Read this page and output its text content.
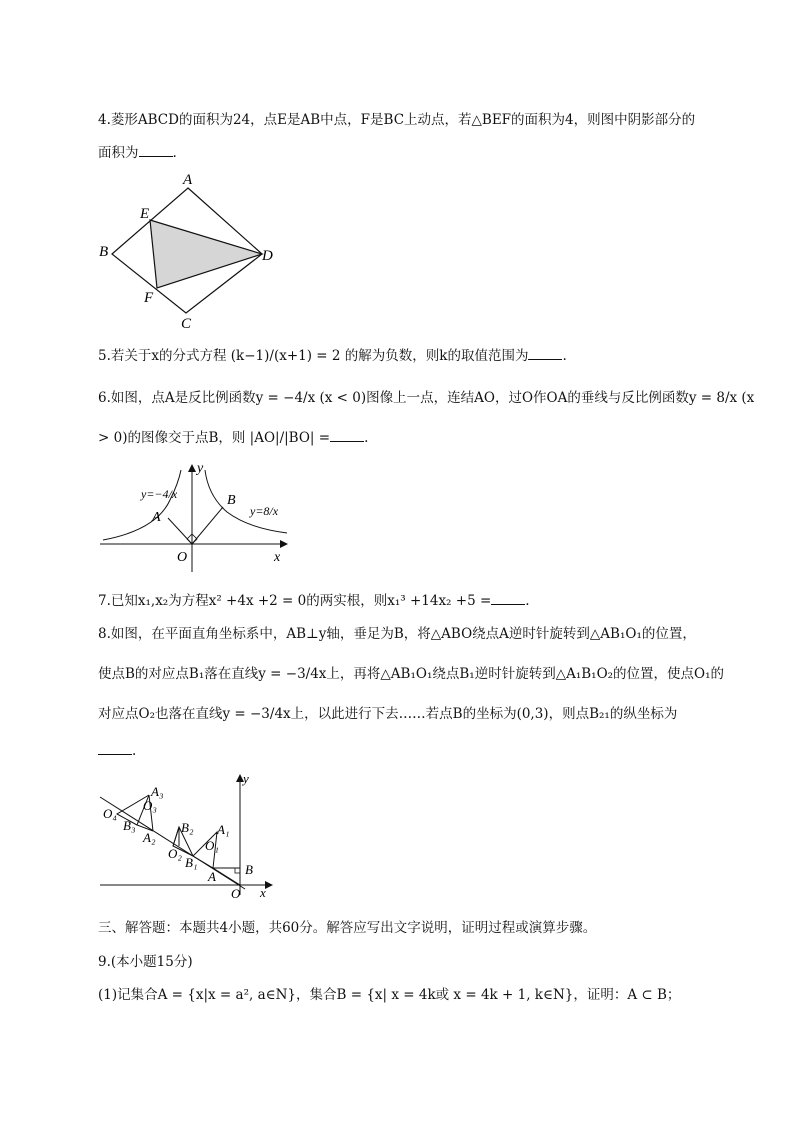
4.菱形ABCD的面积为24，点E是AB中点，F是BC上动点，若△BEF的面积为4，则图中阴影部分的
面积为	.
A
B
C
D
E
F
5.若关于x的分式方程 (k−1)/(x+1) = 2 的解为负数，则k的取值范围为	.
6.如图，点A是反比例函数y = −4/x (x < 0)图像上一点，连结AO，过O作OA的垂线与反比例函数y = 8/x (x
> 0)的图像交于点B，则 |AO|/|BO| =	.
y
x
O
A
B
y=−4/x
y=8/x
7.已知x₁,x₂为方程x² +4x +2 = 0的两实根，则x₁³ +14x₂ +5 =	.
8.如图，在平面直角坐标系中，AB⊥y轴，垂足为B，将△ABO绕点A逆时针旋转到△AB₁O₁的位置，
使点B的对应点B₁落在直线y = −3/4x上，再将△AB₁O₁绕点B₁逆时针旋转到△A₁B₁O₂的位置，使点O₁的
对应点O₂也落在直线y = −3/4x上，以此进行下去……若点B的坐标为(0,3)，则点B₂₁的纵坐标为
.
y
x
O
A B
A₁
O₁
B₁
O₂
A₂
B₂
A₃
O₃
B₃
O₄
三、解答题：本题共4小题，共60分。解答应写出文字说明，证明过程或演算步骤。
9.(本小题15分)
(1)记集合A = {x|x = a², a∈N}，集合B = {x| x = 4k或 x = 4k + 1, k∈N}，证明：A ⊂ B；
